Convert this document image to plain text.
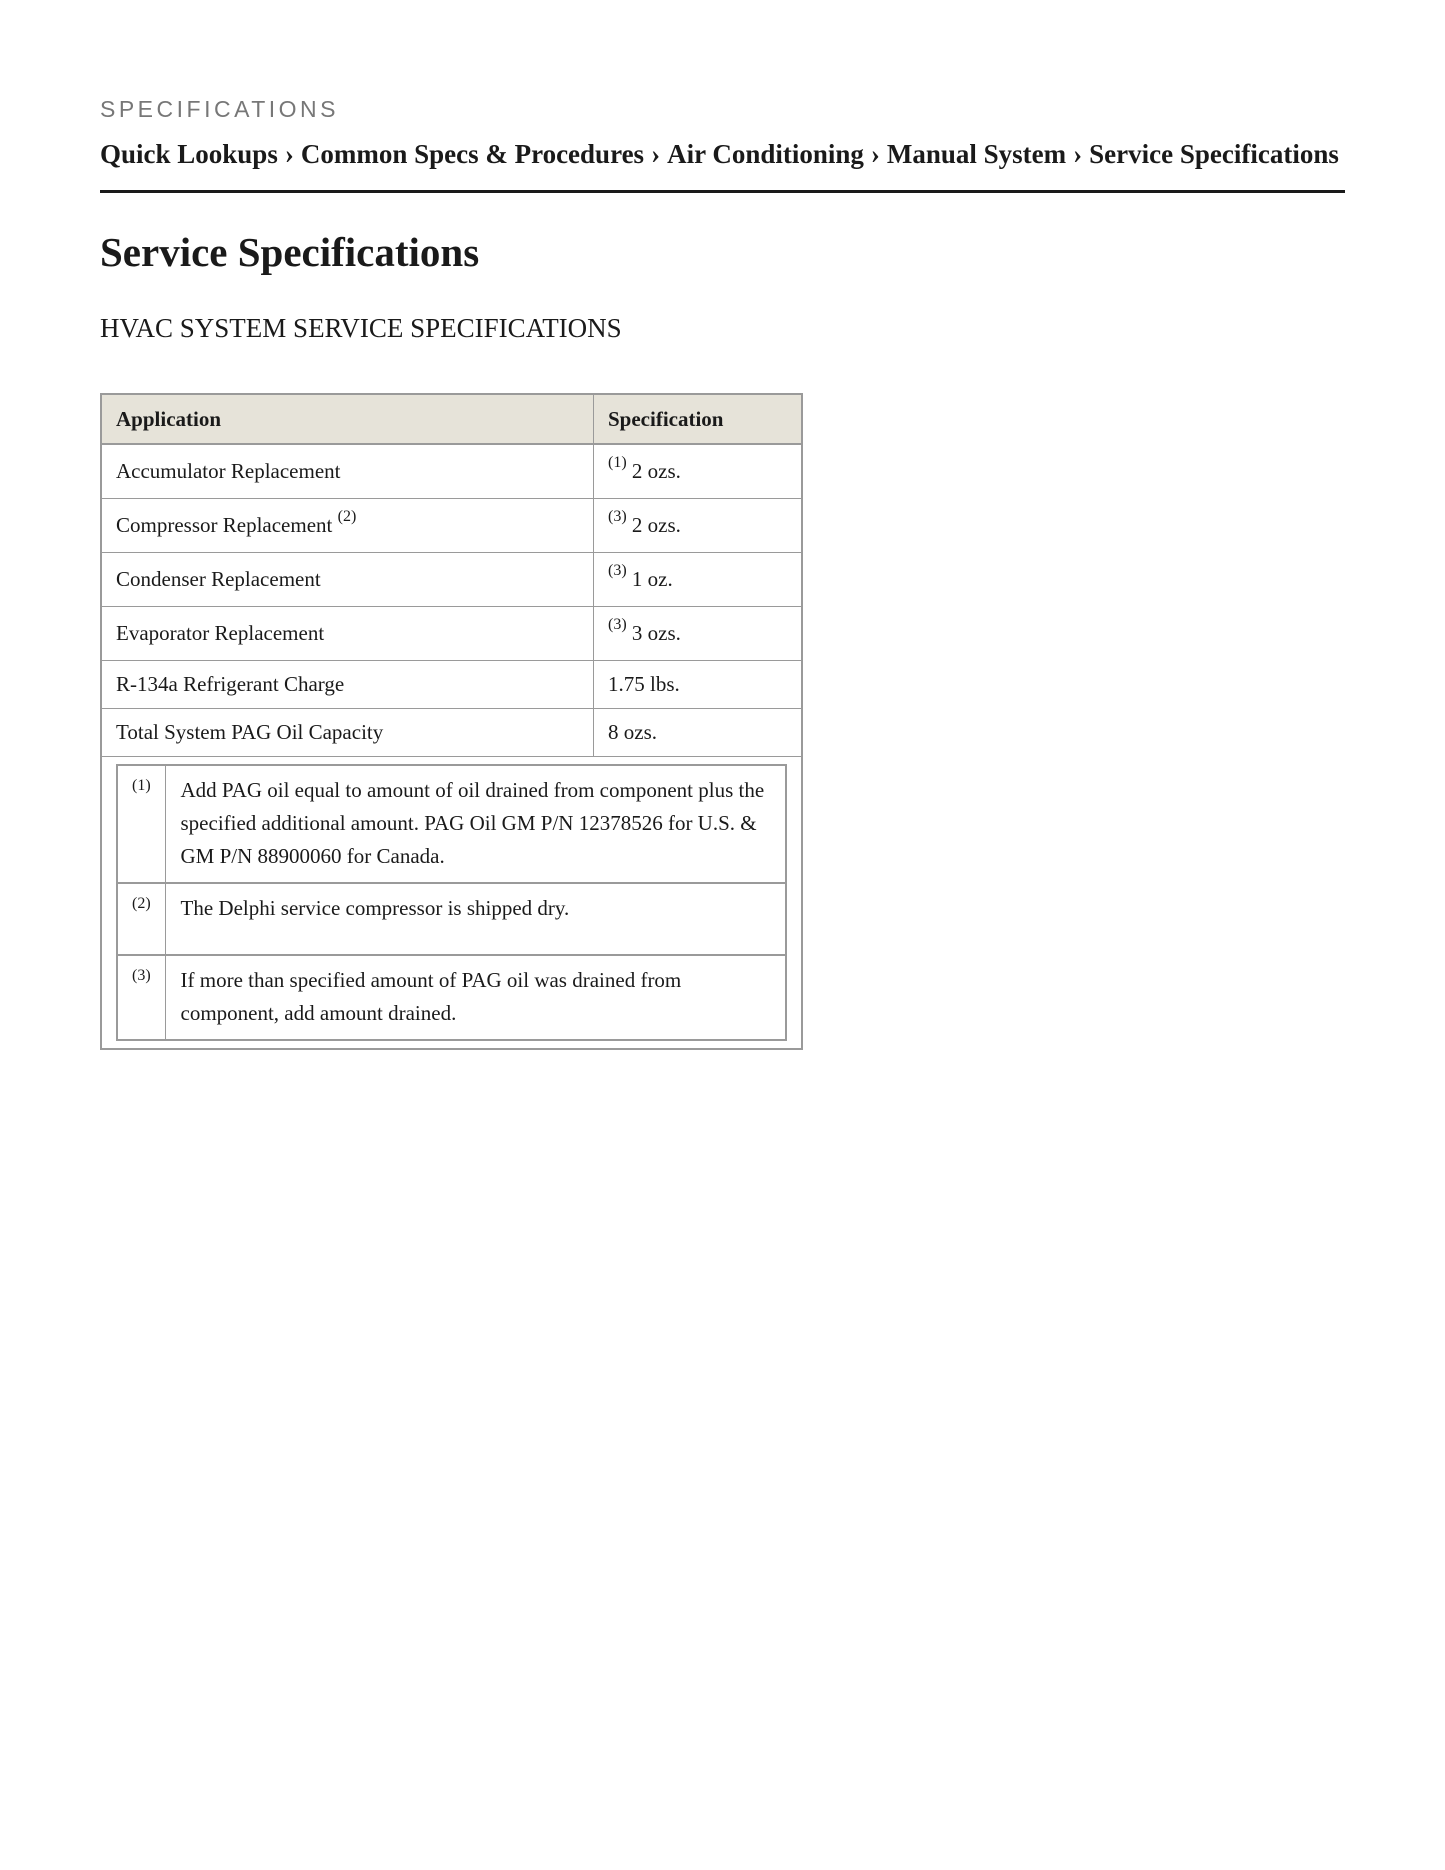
SPECIFICATIONS

Quick Lookups › Common Specs & Procedures › Air Conditioning › Manual System › Service Specifications
Service Specifications
HVAC SYSTEM SERVICE SPECIFICATIONS
Application	Specification
Accumulator Replacement	$^{(1)}$ 2 ozs.
Compressor Replacement $^{(2)}$	$^{(3)}$ 2 ozs.
Condenser Replacement	$^{(3)}$ 1 oz.
Evaporator Replacement	$^{(3)}$ 3 ozs.
R-134a Refrigerant Charge	1.75 lbs.
Total System PAG Oil Capacity	8 ozs.

(1)	Add PAG oil equal to amount of oil drained from component plus the specified additional amount. PAG Oil GM P/N 12378526 for U.S. & GM P/N 88900060 for Canada.
(2)	The Delphi service compressor is shipped dry.
(3)	If more than specified amount of PAG oil was drained from component, add amount drained.
